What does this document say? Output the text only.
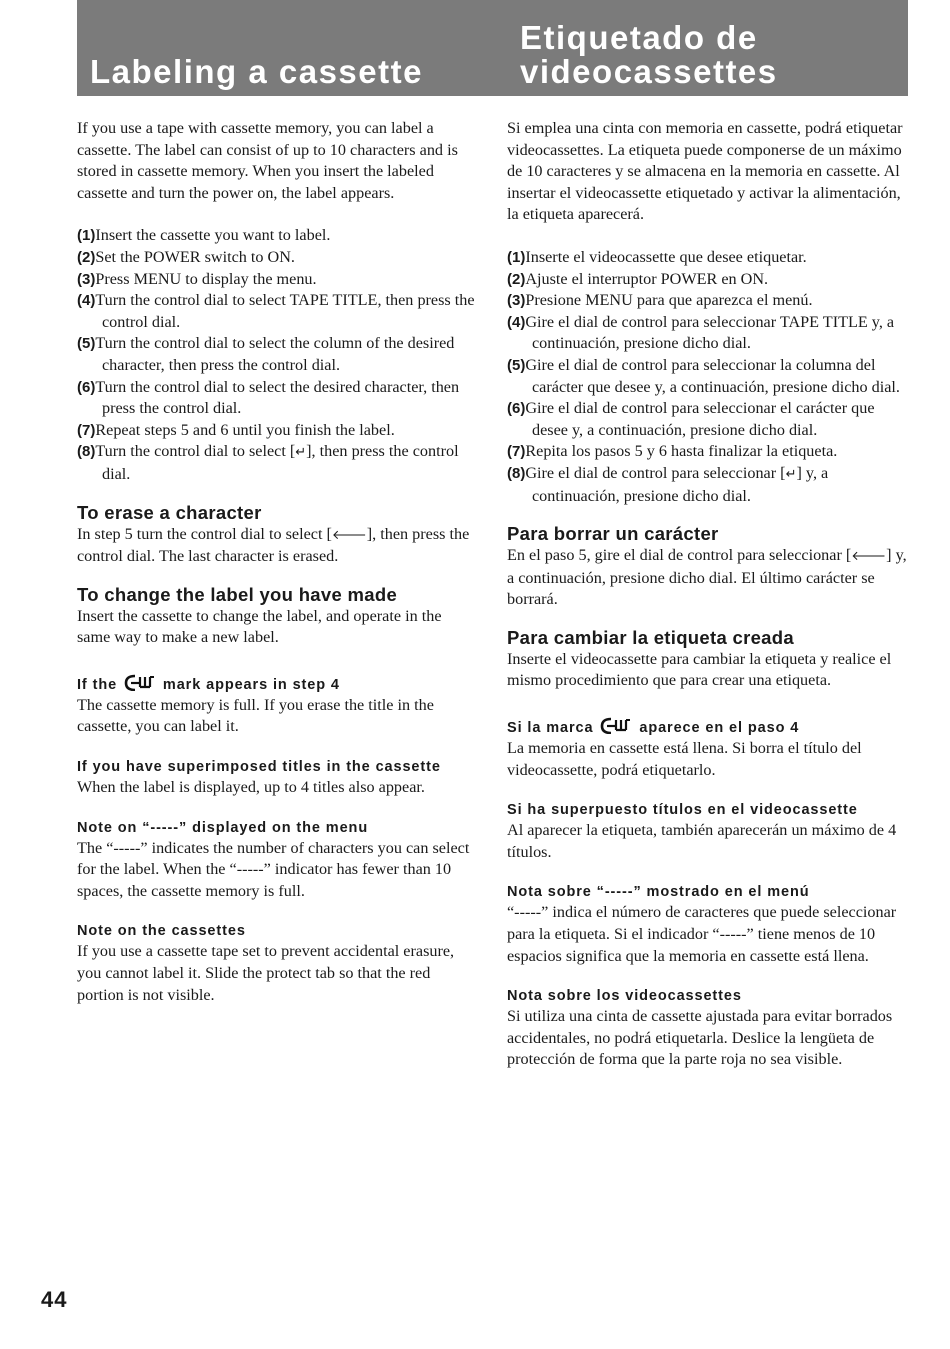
Labeling a cassette
Etiquetado de
videocassettes

If you use a tape with cassette memory, you can label a cassette. The label can consist of up to 10 characters and is stored in cassette memory. When you insert the labeled cassette and turn the power on, the label appears.

(1)Insert the cassette you want to label.
(2)Set the POWER switch to ON.
(3)Press MENU to display the menu.
(4)Turn the control dial to select TAPE TITLE, then press the control dial.
(5)Turn the control dial to select the column of the desired character, then press the control dial.
(6)Turn the control dial to select the desired character, then press the control dial.
(7)Repeat steps 5 and 6 until you finish the label.
(8)Turn the control dial to select [↵], then press the control dial.
To erase a character

In step 5 turn the control dial to select [🡐], then press the control dial. The last character is erased.

To change the label you have made

Insert the cassette to change the label, and operate in the same way to make a new label.

If the	mark appears in step 4

The cassette memory is full. If you erase the title in the cassette, you can label it.

If you have superimposed titles in the cassette

When the label is displayed, up to 4 titles also appear.

Note on “-----” displayed on the menu

The “-----” indicates the number of characters you can select for the label. When the “-----” indicator has fewer than 10 spaces, the cassette memory is full.

Note on the cassettes

If you use a cassette tape set to prevent accidental erasure, you cannot label it. Slide the protect tab so that the red portion is not visible.

Si emplea una cinta con memoria en cassette, podrá etiquetar videocassettes. La etiqueta puede componerse de un máximo de 10 caracteres y se almacena en la memoria en cassette. Al insertar el videocassette etiquetado y activar la alimentación, la etiqueta aparecerá.

(1)Inserte el videocassette que desee etiquetar.
(2)Ajuste el interruptor POWER en ON.
(3)Presione MENU para que aparezca el menú.
(4)Gire el dial de control para seleccionar TAPE TITLE y, a continuación, presione dicho dial.
(5)Gire el dial de control para seleccionar la columna del carácter que desee y, a continuación, presione dicho dial.
(6)Gire el dial de control para seleccionar el carácter que desee y, a continuación, presione dicho dial.
(7)Repita los pasos 5 y 6 hasta finalizar la etiqueta.
(8)Gire el dial de control para seleccionar [↵] y, a continuación, presione dicho dial.
Para borrar un carácter

En el paso 5, gire el dial de control para seleccionar [🡐] y, a continuación, presione dicho dial. El último carácter se borrará.

Para cambiar la etiqueta creada

Inserte el videocassette para cambiar la etiqueta y realice el mismo procedimiento que para crear una etiqueta.

Si la marca	aparece en el paso 4

La memoria en cassette está llena. Si borra el título del videocassette, podrá etiquetarlo.

Si ha superpuesto títulos en el videocassette

Al aparecer la etiqueta, también aparecerán un máximo de 4 títulos.

Nota sobre “-----” mostrado en el menú

“-----” indica el número de caracteres que puede seleccionar para la etiqueta. Si el indicador “-----” tiene menos de 10 espacios significa que la memoria en cassette está llena.

Nota sobre los videocassettes

Si utiliza una cinta de cassette ajustada para evitar borrados accidentales, no podrá etiquetarla. Deslice la lengüeta de protección de forma que la parte roja no sea visible.

44
